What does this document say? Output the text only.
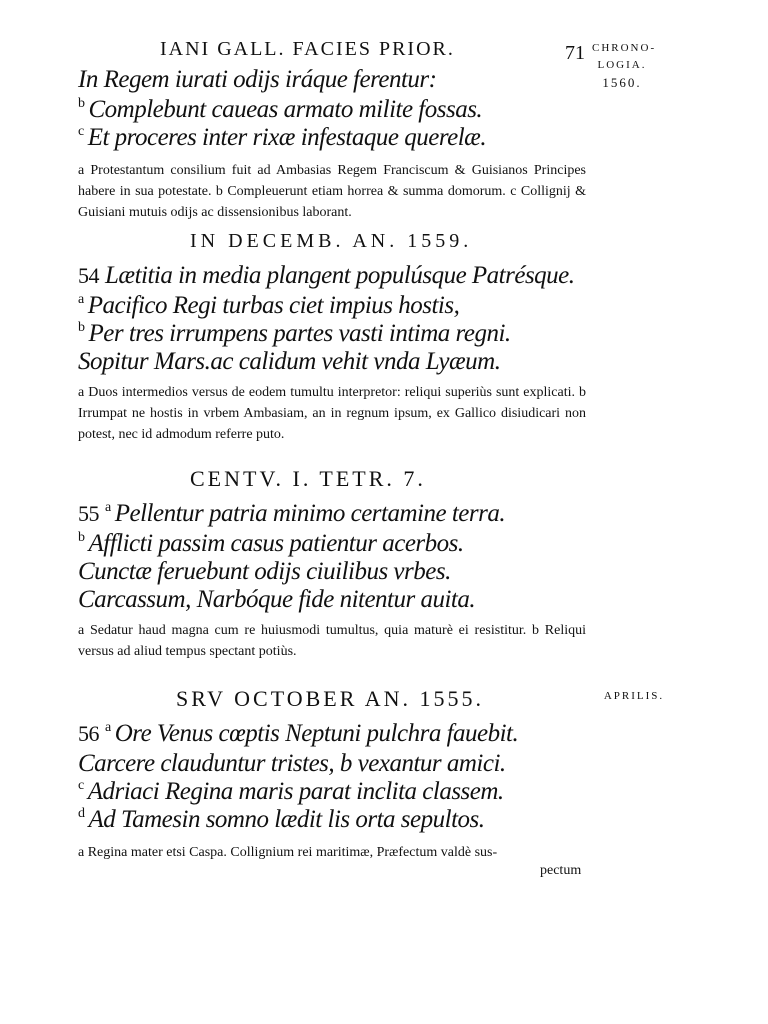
IANI GALL. FACIES PRIOR.	71 CHRONO-
LOGIA.
1560.
In Regem iurati odijs iráque ferentur:
$^b$ Complebunt caueas armato milite fossas.
$^c$ Et proceres inter rixæ infestaque querelæ.
a Protestantum consilium fuit ad Ambasias Regem Franciscum & Guisianos Principes habere in sua potestate. b Compleuerunt etiam horrea & summa domorum. c Collignij & Guisiani mutuis odijs ac dissensionibus laborant.
IN DECEMB. AN. 1559.
54 Lætitia in media plangent populúsque Patrésque.
$^a$ Pacifico Regi turbas ciet impius hostis,
$^b$ Per tres irrumpens partes vasti intima regni.
Sopitur Mars.ac calidum vehit vnda Lyæum.
a Duos intermedios versus de eodem tumultu interpretor: reliqui superiùs sunt explicati. b Irrumpat ne hostis in vrbem Ambasiam, an in regnum ipsum, ex Gallico disiudicari non potest, nec id admodum referre puto.
CENTV. I. TETR. 7.
55 $^a$ Pellentur patria minimo certamine terra.
$^b$ Afflicti passim casus patientur acerbos.
Cunctæ feruebunt odijs ciuilibus vrbes.
Carcassum, Narbóque fide nitentur auita.
a Sedatur haud magna cum re huiusmodi tumultus, quia maturè ei resistitur. b Reliqui versus ad aliud tempus spectant potiùs.
SRV OCTOBER AN. 1555.	APRILIS.
56 $^a$ Ore Venus cœptis Neptuni pulchra fauebit.
Carcere clauduntur tristes, b vexantur amici.
$^c$ Adriaci Regina maris parat inclita classem.
$^d$ Ad Tamesin somno lædit lis orta sepultos.
a Regina mater etsi Caspa. Collignium rei maritimæ, Præfectum valdè sus-
pectum
